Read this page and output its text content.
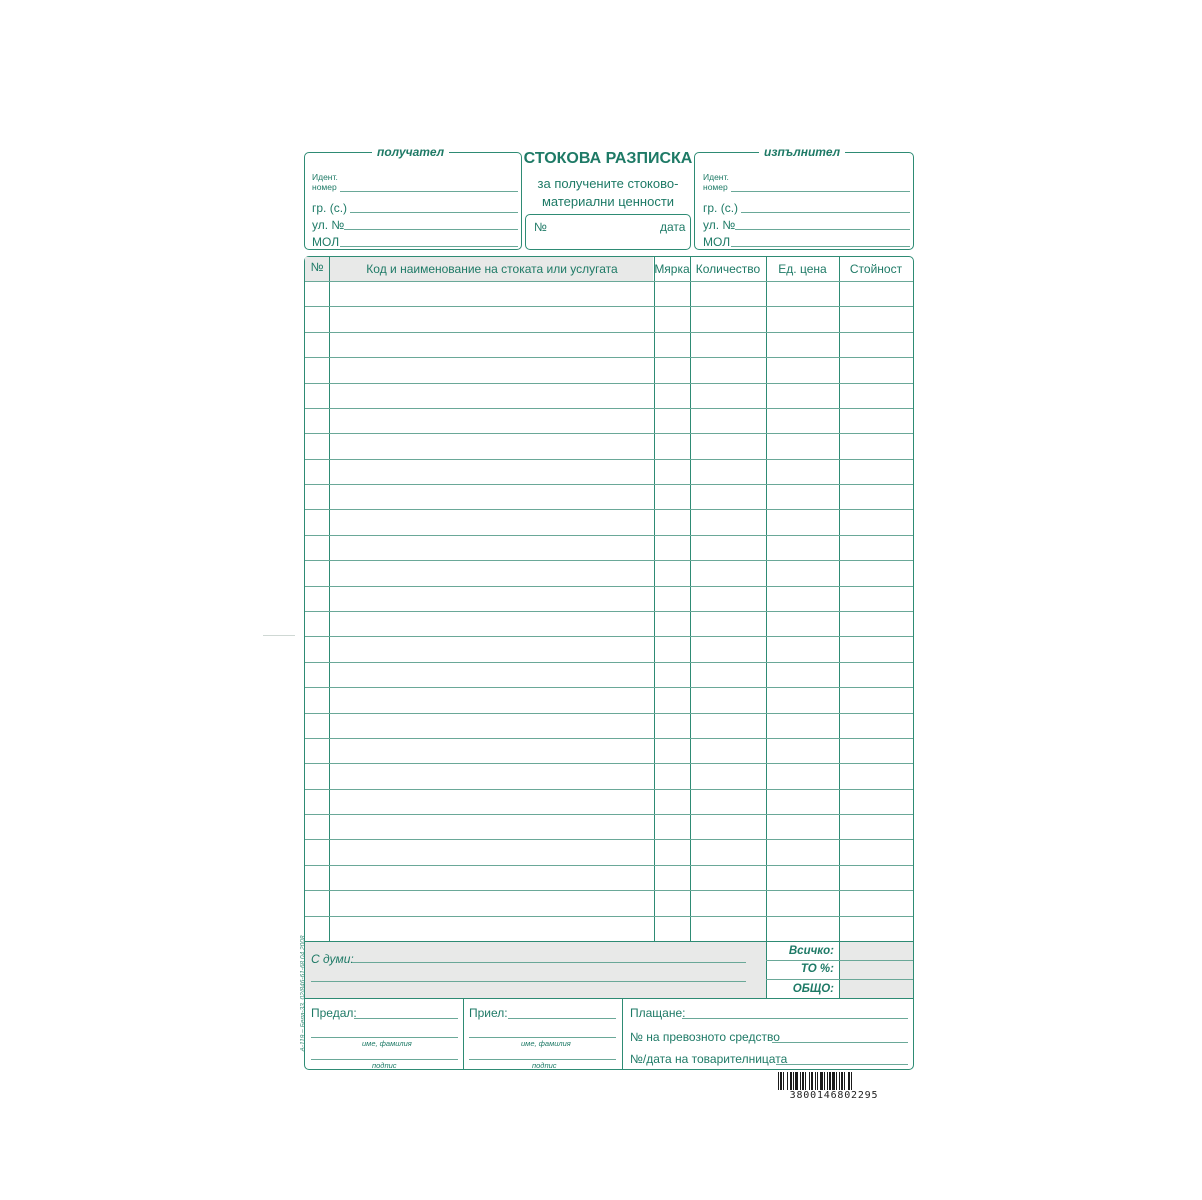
получател
Идент.
номер
гр. (с.)
ул. №
МОЛ
СТОКОВА РАЗПИСКА
за получените стоково-
материални ценности
№	дата
изпълнител
Идент.
номер
гр. (с.)
ул. №
МОЛ
№	Код и наименование на стоката или услугата	Мярка Количество	Ед. цена	Стойност
С думи:
Всичко:
ТО %:
ОБЩО:
Предал:
име, фамилия
подпис
Приел:
име, фамилия
подпис
Плащане:
№ на превозното средство
№/дата на товарителницата
А-119 – Бела-33, 02/846-61-68 04.2008
3800146802295
